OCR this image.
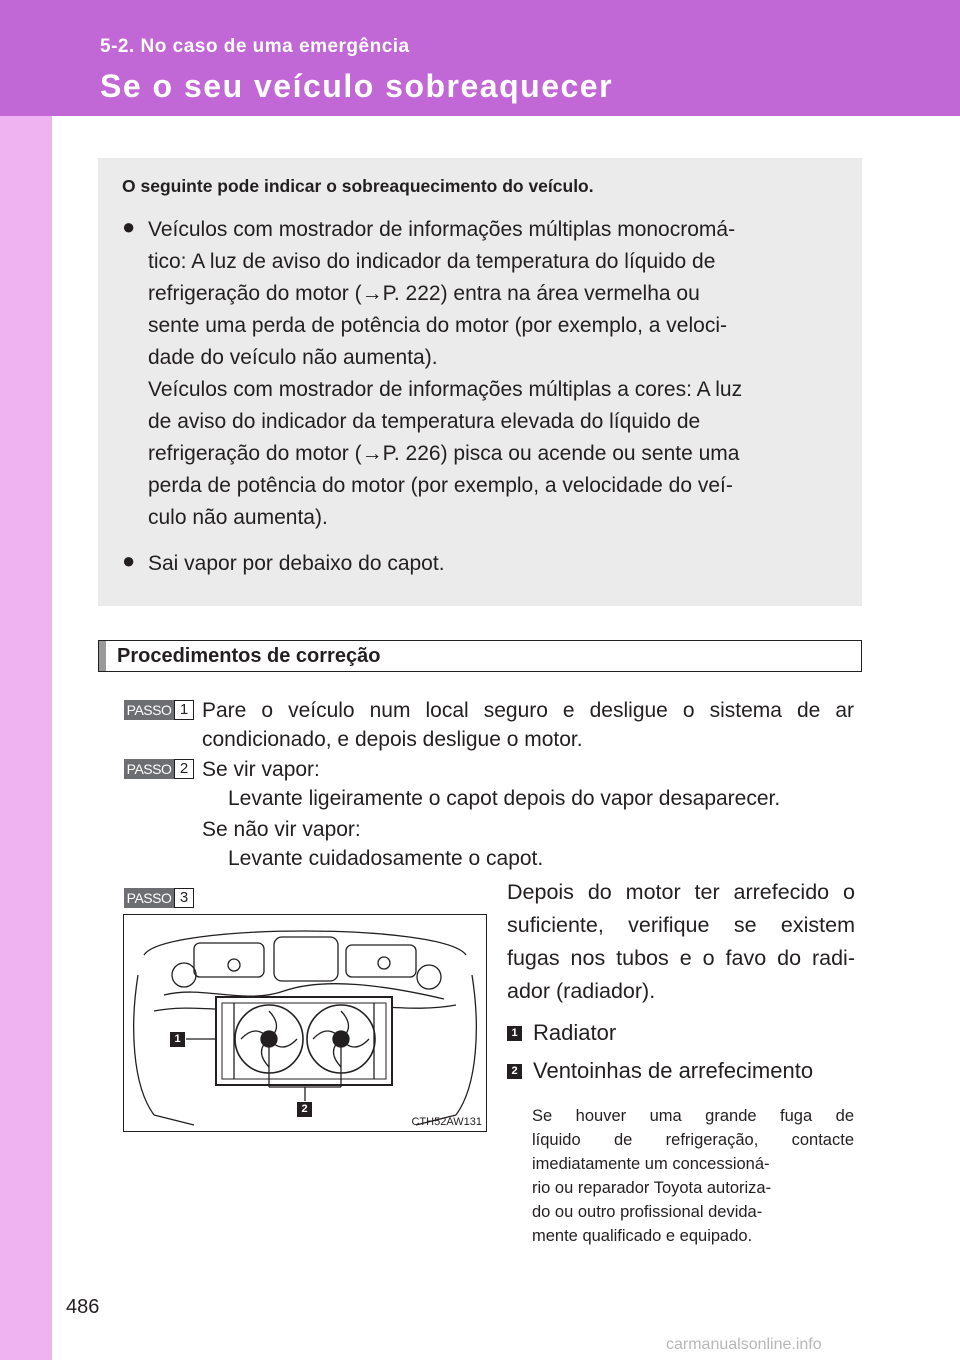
5-2. No caso de uma emergência
Se o seu veículo sobreaquecer
O seguinte pode indicar o sobreaquecimento do veículo.
● Veículos com mostrador de informações múltiplas monocromá-

tico: A luz de aviso do indicador da temperatura do líquido de

refrigeração do motor (→P. 222) entra na área vermelha ou

sente uma perda de potência do motor (por exemplo, a veloci-

dade do veículo não aumenta).

Veículos com mostrador de informações múltiplas a cores: A luz

de aviso do indicador da temperatura elevada do líquido de

refrigeração do motor (→P. 226) pisca ou acende ou sente uma

perda de potência do motor (por exemplo, a velocidade do veí-

culo não aumenta).

● Sai vapor por debaixo do capot.

Procedimentos de correção
PASSO 1 Pare o veículo num local seguro e desligue o sistema de ar
condicionado, e depois desligue o motor.
PASSO 2 Se vir vapor:
Levante ligeiramente o capot depois do vapor desaparecer.
Se não vir vapor:
Levante cuidadosamente o capot.
PASSO 3	Depois do motor ter arrefecido o
suficiente, verifique se existem
fugas nos tubos e o favo do radi-
ador (radiador).
1
2
CTH52AW131
1 Radiator
2 Ventoinhas de arrefecimento

Se houver uma grande fuga de

líquido de refrigeração, contacte

imediatamente um concessioná-

rio ou reparador Toyota autoriza-

do ou outro profissional devida-

mente qualificado e equipado.

486
carmanualsonline.info
